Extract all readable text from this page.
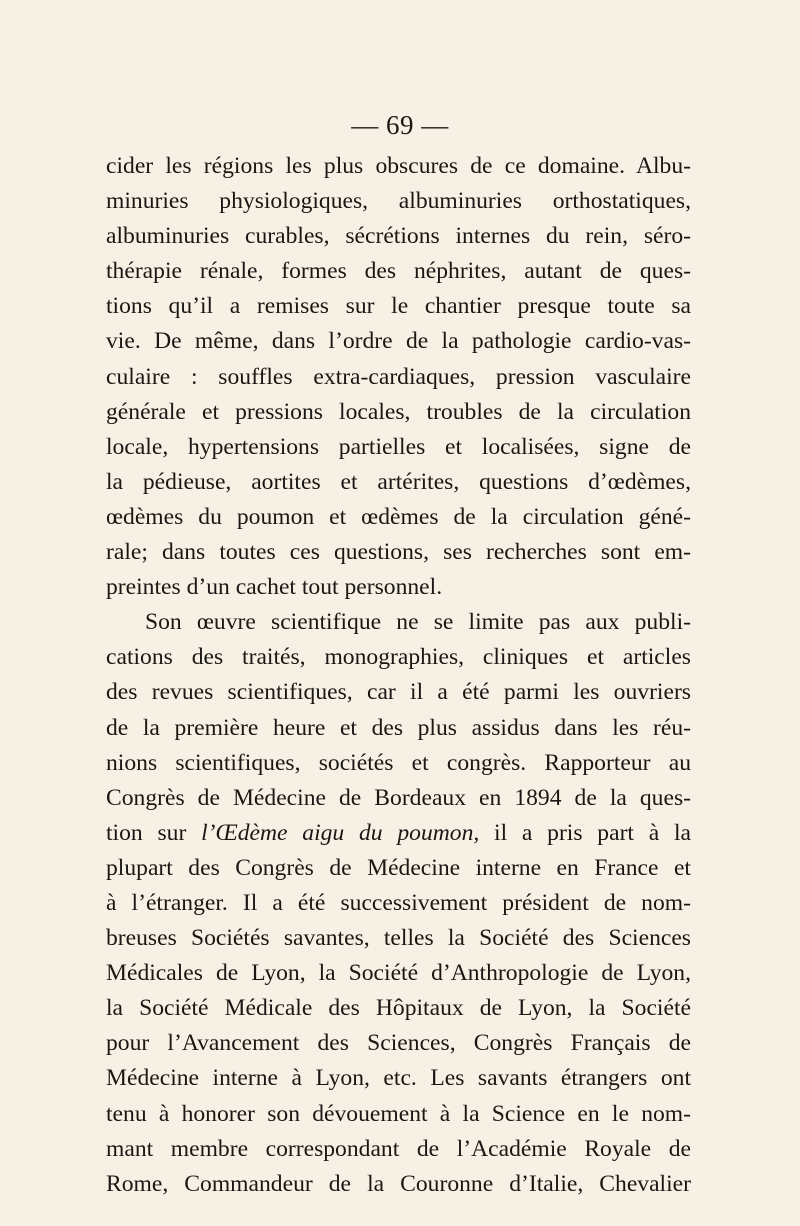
— 69 —
cider les régions les plus obscures de ce domaine. Albu-
minuries physiologiques, albuminuries orthostatiques,
albuminuries curables, sécrétions internes du rein, séro-
thérapie rénale, formes des néphrites, autant de ques-
tions qu’il a remises sur le chantier presque toute sa
vie. De même, dans l’ordre de la pathologie cardio-vas-
culaire : souffles extra-cardiaques, pression vasculaire
générale et pressions locales, troubles de la circulation
locale, hypertensions partielles et localisées, signe de
la pédieuse, aortites et artérites, questions d’œdèmes,
œdèmes du poumon et œdèmes de la circulation géné-
rale; dans toutes ces questions, ses recherches sont em-
preintes d’un cachet tout personnel.
Son œuvre scientifique ne se limite pas aux publi-
cations des traités, monographies, cliniques et articles
des revues scientifiques, car il a été parmi les ouvriers
de la première heure et des plus assidus dans les réu-
nions scientifiques, sociétés et congrès. Rapporteur au
Congrès de Médecine de Bordeaux en 1894 de la ques-
tion sur l’Œdème aigu du poumon, il a pris part à la
plupart des Congrès de Médecine interne en France et
à l’étranger. Il a été successivement président de nom-
breuses Sociétés savantes, telles la Société des Sciences
Médicales de Lyon, la Société d’Anthropologie de Lyon,
la Société Médicale des Hôpitaux de Lyon, la Société
pour l’Avancement des Sciences, Congrès Français de
Médecine interne à Lyon, etc. Les savants étrangers ont
tenu à honorer son dévouement à la Science en le nom-
mant membre correspondant de l’Académie Royale de
Rome, Commandeur de la Couronne d’Italie, Chevalier
